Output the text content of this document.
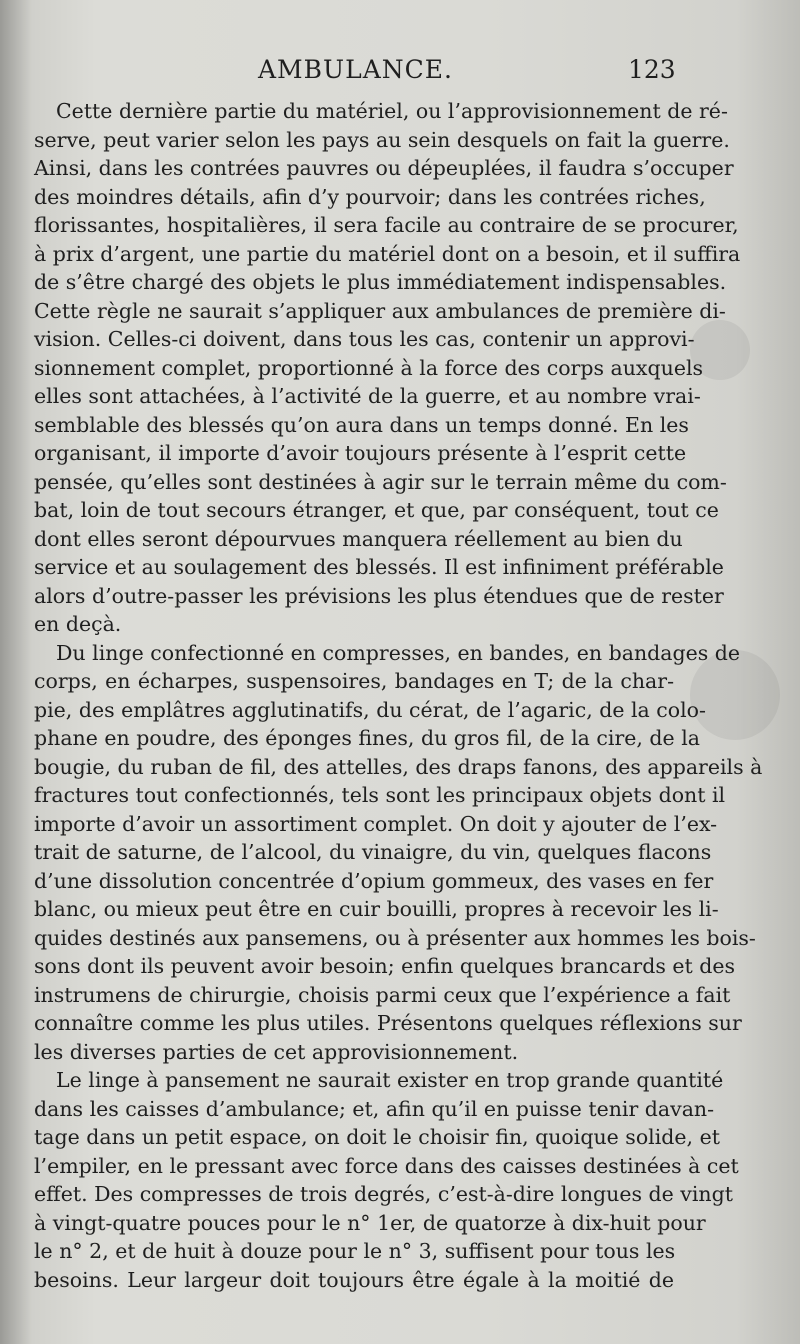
AMBULANCE.	123
Cette dernière partie du matériel, ou l’approvisionnement de ré-
serve, peut varier selon les pays au sein desquels on fait la guerre.
Ainsi, dans les contrées pauvres ou dépeuplées, il faudra s’occuper
des moindres détails, afin d’y pourvoir; dans les contrées riches,
florissantes, hospitalières, il sera facile au contraire de se procurer,
à prix d’argent, une partie du matériel dont on a besoin, et il suffira
de s’être chargé des objets le plus immédiatement indispensables.
Cette règle ne saurait s’appliquer aux ambulances de première di-
vision. Celles-ci doivent, dans tous les cas, contenir un approvi-
sionnement complet, proportionné à la force des corps auxquels
elles sont attachées, à l’activité de la guerre, et au nombre vrai-
semblable des blessés qu’on aura dans un temps donné. En les
organisant, il importe d’avoir toujours présente à l’esprit cette
pensée, qu’elles sont destinées à agir sur le terrain même du com-
bat, loin de tout secours étranger, et que, par conséquent, tout ce
dont elles seront dépourvues manquera réellement au bien du
service et au soulagement des blessés. Il est infiniment préférable
alors d’outre-passer les prévisions les plus étendues que de rester
en deçà.
Du linge confectionné en compresses, en bandes, en bandages de
corps, en écharpes, suspensoires, bandages en T; de la char-
pie, des emplâtres agglutinatifs, du cérat, de l’agaric, de la colo-
phane en poudre, des éponges fines, du gros fil, de la cire, de la
bougie, du ruban de fil, des attelles, des draps fanons, des appareils à
fractures tout confectionnés, tels sont les principaux objets dont il
importe d’avoir un assortiment complet. On doit y ajouter de l’ex-
trait de saturne, de l’alcool, du vinaigre, du vin, quelques flacons
d’une dissolution concentrée d’opium gommeux, des vases en fer
blanc, ou mieux peut être en cuir bouilli, propres à recevoir les li-
quides destinés aux pansemens, ou à présenter aux hommes les bois-
sons dont ils peuvent avoir besoin; enfin quelques brancards et des
instrumens de chirurgie, choisis parmi ceux que l’expérience a fait
connaître comme les plus utiles. Présentons quelques réflexions sur
les diverses parties de cet approvisionnement.
Le linge à pansement ne saurait exister en trop grande quantité
dans les caisses d’ambulance; et, afin qu’il en puisse tenir davan-
tage dans un petit espace, on doit le choisir fin, quoique solide, et
l’empiler, en le pressant avec force dans des caisses destinées à cet
effet. Des compresses de trois degrés, c’est-à-dire longues de vingt
à vingt-quatre pouces pour le n° 1er, de quatorze à dix-huit pour
le n° 2, et de huit à douze pour le n° 3, suffisent pour tous les
besoins. Leur largeur doit toujours être égale à la moitié de
